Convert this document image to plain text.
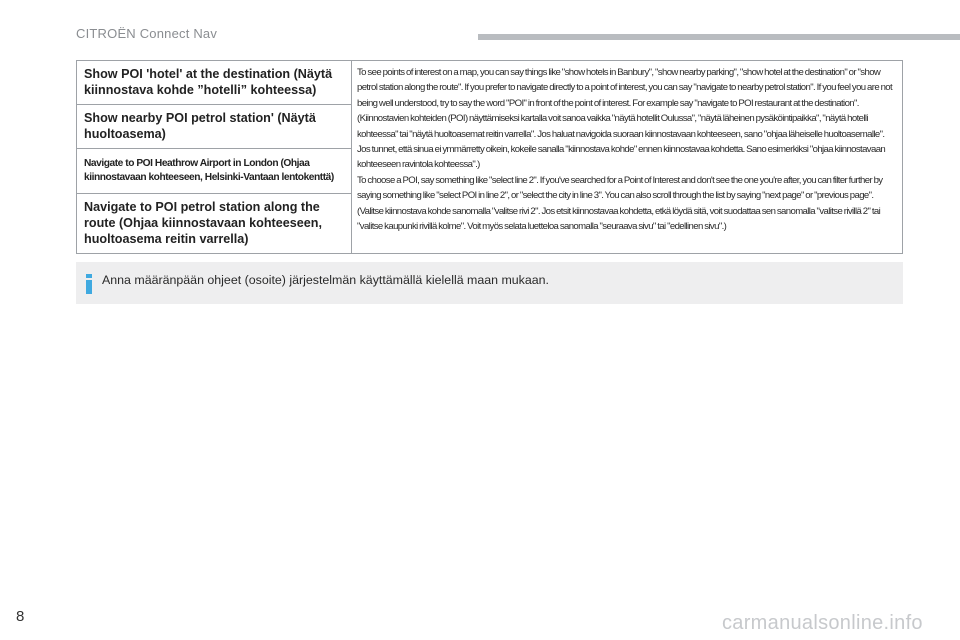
CITROËN Connect Nav
Show POI 'hotel' at the destination (Näytä kiinnostava kohde ”hotelli” kohteessa)
Show nearby POI petrol station' (Näytä huoltoasema)
Navigate to POI Heathrow Airport in London (Ohjaa kiinnostavaan kohteeseen, Helsinki-Vantaan lentokenttä)
Navigate to POI petrol station along the route (Ohjaa kiinnostavaan kohteeseen, huoltoasema reitin varrella)

To see points of interest on a map, you can say things like "show hotels in Banbury", "show nearby parking", "show hotel at the destination" or "show petrol station along the route". If you prefer to navigate directly to a point of interest, you can say "navigate to nearby petrol station". If you feel you are not being well understood, try to say the word "POI" in front of the point of interest. For example say "navigate to POI restaurant at the destination". (Kiinnostavien kohteiden (POI) näyttämiseksi kartalla voit sanoa vaikka "näytä hotellit Oulussa", "näytä läheinen pysäköintipaikka", "näytä hotelli kohteessa" tai "näytä huoltoasemat reitin varrella". Jos haluat navigoida suoraan kiinnostavaan kohteeseen, sano "ohjaa läheiselle huoltoasemalle". Jos tunnet, että sinua ei ymmärretty oikein, kokeile sanalla "kiinnostava kohde" ennen kiinnostavaa kohdetta. Sano esimerkiksi "ohjaa kiinnostavaan kohteeseen ravintola kohteessa".)

To choose a POI, say something like "select line 2". If you've searched for a Point of Interest and don't see the one you're after, you can filter further by saying something like "select POI in line 2", or "select the city in line 3". You can also scroll through the list by saying "next page" or "previous page". (Valitse kiinnostava kohde sanomalla "valitse rivi 2". Jos etsit kiinnostavaa kohdetta, etkä löydä sitä, voit suodattaa sen sanomalla "valitse rivillä 2" tai "valitse kaupunki rivillä kolme". Voit myös selata luetteloa sanomalla "seuraava sivu" tai "edellinen sivu".)

Anna määränpään ohjeet (osoite) järjestelmän käyttämällä kielellä maan mukaan.
8	carmanualsonline.info
